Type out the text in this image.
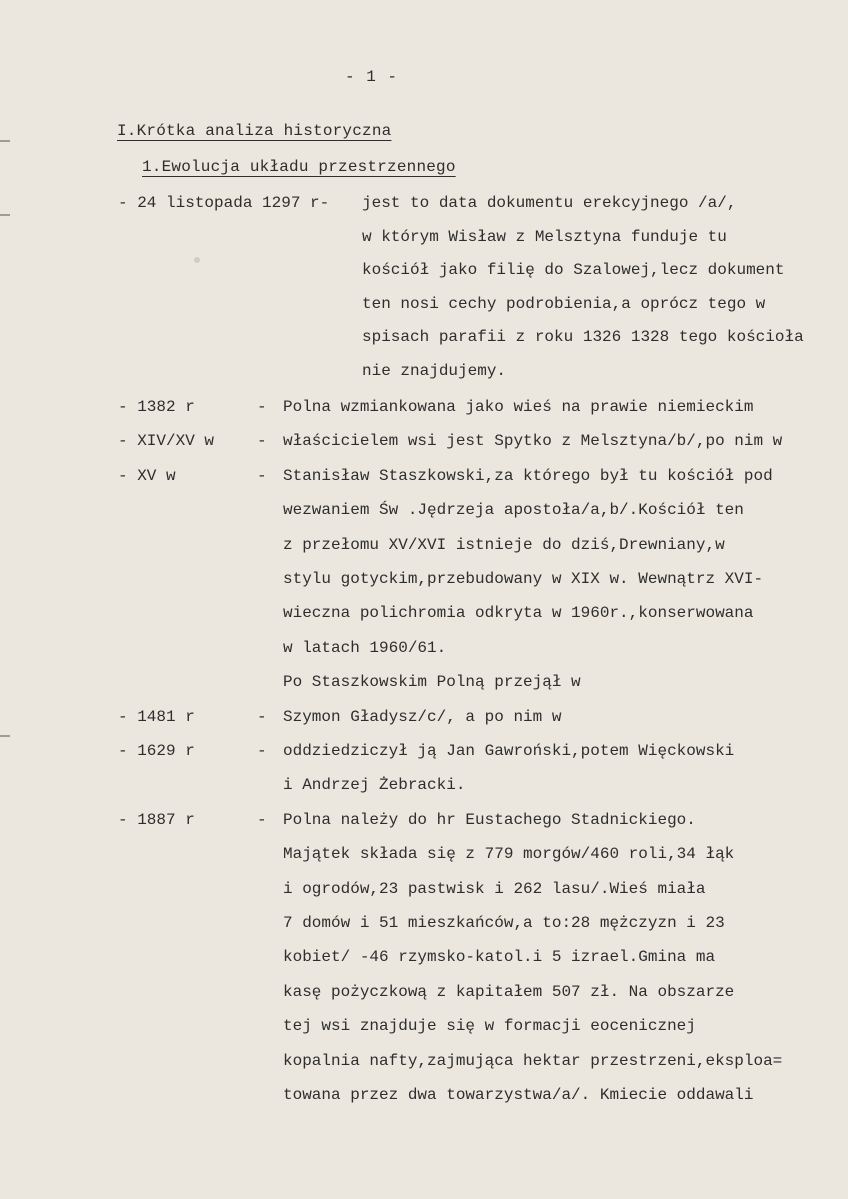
- 1 -
I.Krótka analiza historyczna
1.Ewolucja układu przestrzennego
- 24 listopada 1297 r- jest to data dokumentu erekcyjnego /a/,
w którym Wisław z Melsztyna funduje tu
kościół jako filię do Szalowej,lecz dokument
ten nosi cechy podrobienia,a oprócz tego w
spisach parafii z roku 1326 1328 tego kościoła
nie znajdujemy.
- 1382 r	- Polna wzmiankowana jako wieś na prawie niemieckim
- XIV/XV w	- właścicielem wsi jest Spytko z Melsztyna/b/,po nim w
- XV w	- Stanisław Staszkowski,za którego był tu kościół pod
wezwaniem Św .Jędrzeja apostoła/a,b/.Kościół ten
z przełomu XV/XVI istnieje do dziś,Drewniany,w
stylu gotyckim,przebudowany w XIX w. Wewnątrz XVI-
wieczna polichromia odkryta w 1960r.,konserwowana
w latach 1960/61.
Po Staszkowskim Polną przejął w
- 1481 r	- Szymon Gładysz/c/, a po nim w
- 1629 r	- oddziedziczył ją Jan Gawroński,potem Więckowski
i Andrzej Żebracki.
- 1887 r	- Polna należy do hr Eustachego Stadnickiego.
Majątek składa się z 779 morgów/460 roli,34 łąk
i ogrodów,23 pastwisk i 262 lasu/.Wieś miała
7 domów i 51 mieszkańców,a to:28 mężczyzn i 23
kobiet/ -46 rzymsko-katol.i 5 izrael.Gmina ma
kasę pożyczkową z kapitałem 507 zł. Na obszarze
tej wsi znajduje się w formacji eocenicznej
kopalnia nafty,zajmująca hektar przestrzeni,eksploa=
towana przez dwa towarzystwa/a/. Kmiecie oddawali
